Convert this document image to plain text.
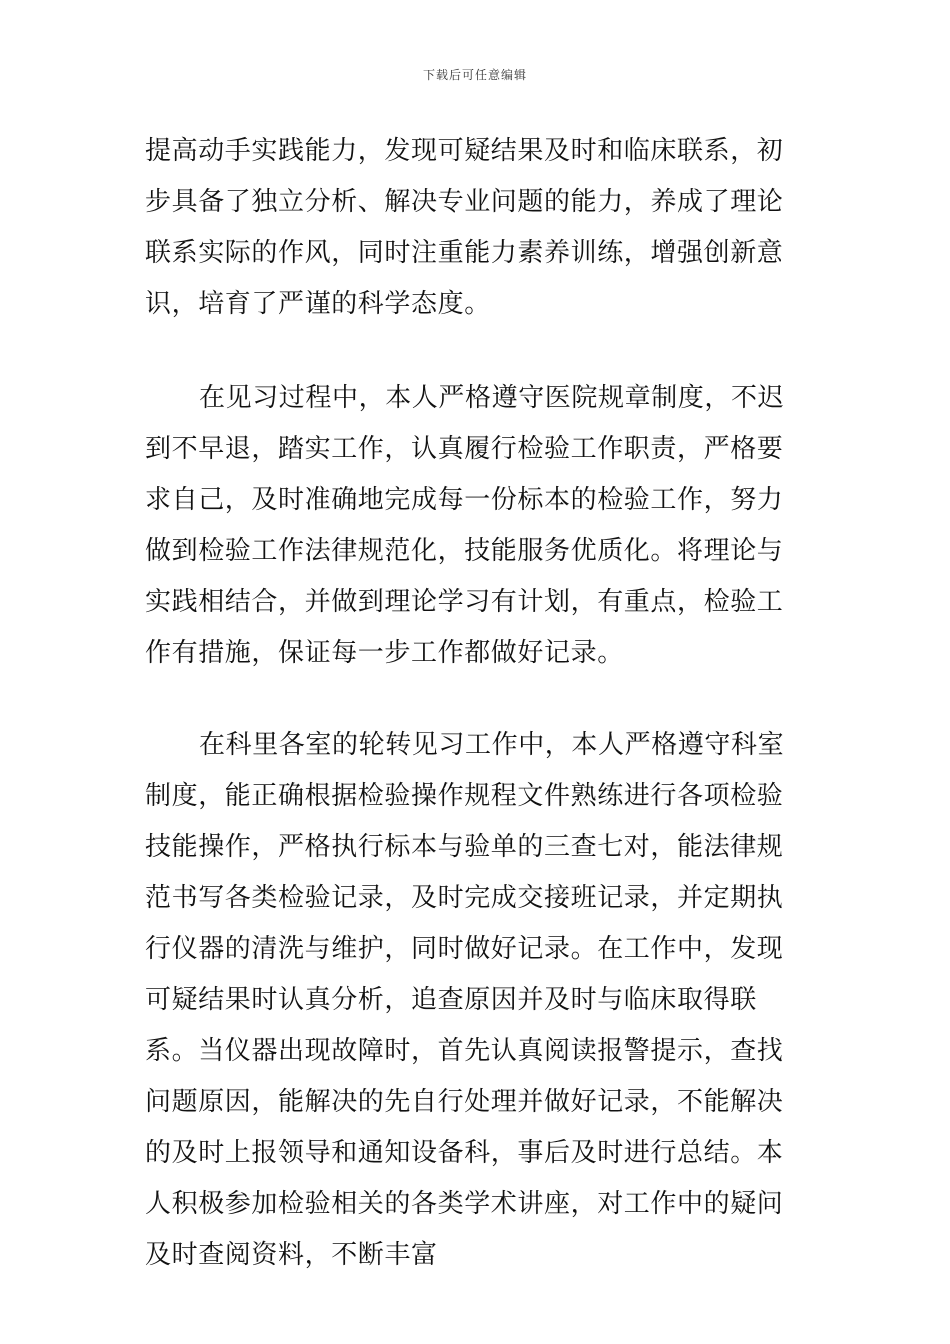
下载后可任意编辑

提高动手实践能力，发现可疑结果及时和临床联系，初步具备了独立分析、解决专业问题的能力，养成了理论联系实际的作风，同时注重能力素养训练，增强创新意识，培育了严谨的科学态度。

在见习过程中，本人严格遵守医院规章制度，不迟到不早退，踏实工作，认真履行检验工作职责，严格要求自己，及时准确地完成每一份标本的检验工作，努力做到检验工作法律规范化，技能服务优质化。将理论与实践相结合，并做到理论学习有计划，有重点，检验工作有措施，保证每一步工作都做好记录。

在科里各室的轮转见习工作中，本人严格遵守科室制度，能正确根据检验操作规程文件熟练进行各项检验技能操作，严格执行标本与验单的三查七对，能法律规范书写各类检验记录，及时完成交接班记录，并定期执行仪器的清洗与维护，同时做好记录。在工作中，发现可疑结果时认真分析，追查原因并及时与临床取得联系。当仪器出现故障时，首先认真阅读报警提示，查找问题原因，能解决的先自行处理并做好记录，不能解决的及时上报领导和通知设备科，事后及时进行总结。本人积极参加检验相关的各类学术讲座，对工作中的疑问及时查阅资料，不断丰富
